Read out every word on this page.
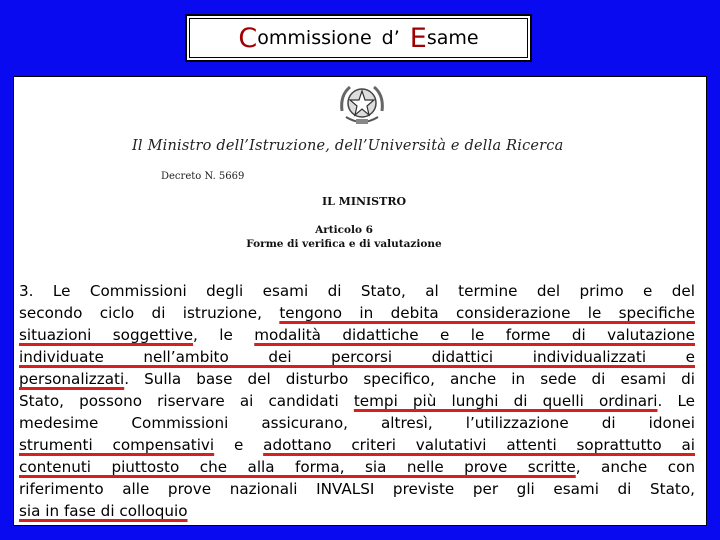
C ommissione d’ E same
Il Ministro dell’Istruzione, dell’Università e della Ricerca
Decreto N. 5669
IL MINISTRO
Articolo 6
Forme di verifica e di valutazione
3. Le Commissioni degli esami di Stato, al termine del primo e del
secondo ciclo di istruzione, tengono in debita considerazione le specifiche
situazioni soggettive, le modalità didattiche e le forme di valutazione
individuate nell’ambito dei percorsi didattici individualizzati e
personalizzati. Sulla base del disturbo specifico, anche in sede di esami di
Stato, possono riservare ai candidati tempi più lunghi di quelli ordinari. Le
medesime Commissioni assicurano, altresì, l’utilizzazione di idonei
strumenti compensativi e adottano criteri valutativi attenti soprattutto ai
contenuti piuttosto che alla forma, sia nelle prove scritte, anche con
riferimento alle prove nazionali INVALSI previste per gli esami di Stato,
sia in fase di colloquio
